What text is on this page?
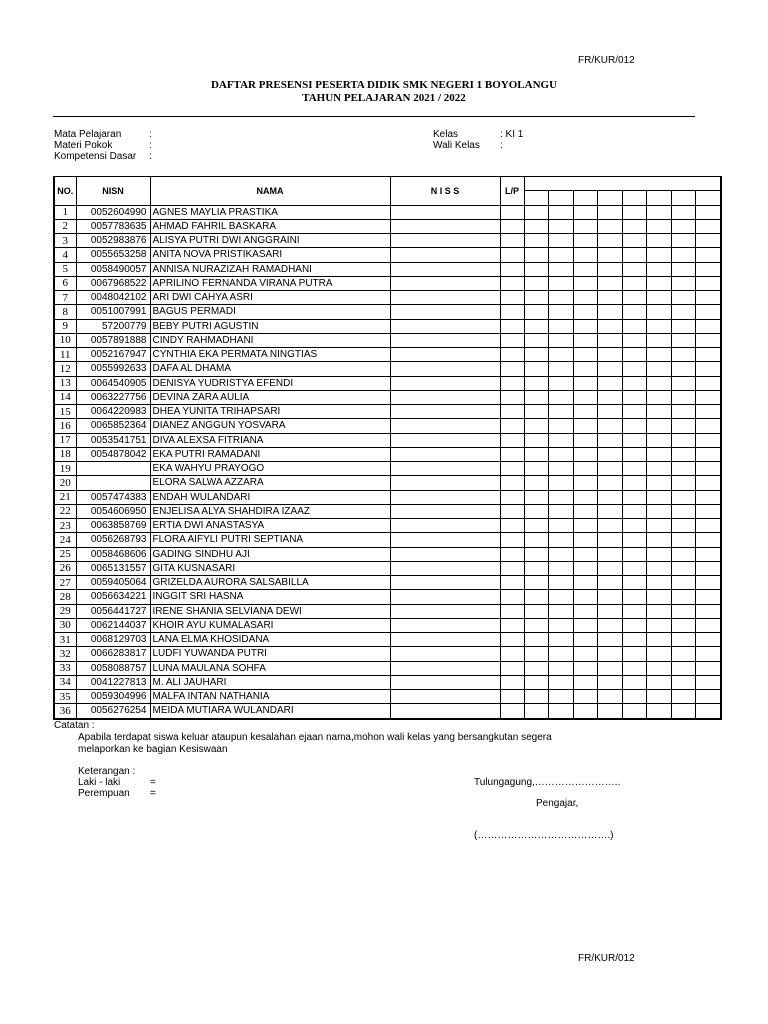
FR/KUR/012
DAFTAR PRESENSI PESERTA DIDIK SMK NEGERI 1 BOYOLANGU
TAHUN PELAJARAN 2021 / 2022
Mata Pelajaran	:
Materi Pokok	:
Kompetensi Dasar :
Kelas	: KI 1
Wali Kelas :
NO.	NISN	NAMA	N I S S	L/P								

1	0052604990	AGNES MAYLIA PRASTIKA										
2	0057783635	AHMAD FAHRIL BASKARA										
3	0052983876	ALISYA PUTRI DWI ANGGRAINI										
4	0055653258	ANITA NOVA PRISTIKASARI										
5	0058490057	ANNISA NURAZIZAH RAMADHANI										
6	0067968522	APRILINO FERNANDA VIRANA PUTRA										
7	0048042102	ARI DWI CAHYA ASRI										
8	0051007991	BAGUS PERMADI										
9	57200779	BEBY PUTRI AGUSTIN										
10	0057891888	CINDY RAHMADHANI										
11	0052167947	CYNTHIA EKA PERMATA NINGTIAS										
12	0055992633	DAFA AL DHAMA										
13	0064540905	DENISYA YUDRISTYA EFENDI										
14	0063227756	DEVINA ZARA AULIA										
15	0064220983	DHEA YUNITA TRIHAPSARI										
16	0065852364	DIANEZ ANGGUN YOSVARA										
17	0053541751	DIVA ALEXSA FITRIANA										
18	0054878042	EKA PUTRI RAMADANI										
19		EKA WAHYU PRAYOGO										
20		ELORA SALWA AZZARA										
21	0057474383	ENDAH WULANDARI										
22	0054606950	ENJELISA ALYA SHAHDIRA IZAAZ										
23	0063858769	ERTIA DWI ANASTASYA										
24	0056268793	FLORA AIFYLI PUTRI SEPTIANA										
25	0058468606	GADING SINDHU AJI										
26	0065131557	GITA KUSNASARI										
27	0059405064	GRIZELDA AURORA SALSABILLA										
28	0056634221	INGGIT SRI HASNA										
29	0056441727	IRENE SHANIA SELVIANA DEWI										
30	0062144037	KHOIR AYU KUMALASARI										
31	0068129703	LANA ELMA KHOSIDANA										
32	0066283817	LUDFI YUWANDA PUTRI										
33	0058088757	LUNA MAULANA SOHFA										
34	0041227813	M. ALI JAUHARI										
35	0059304996	MALFA INTAN NATHANIA										
36	0056276254	MEIDA MUTIARA WULANDARI										
Catatan :
Apabila terdapat siswa keluar ataupun kesalahan ejaan nama,mohon wali kelas yang bersangkutan segera
melaporkan ke bagian Kesiswaan
Keterangan :
Laki - laki	=
Perempuan =
Tulungagung,……………………..
Pengajar,
(………………………………….)
FR/KUR/012
